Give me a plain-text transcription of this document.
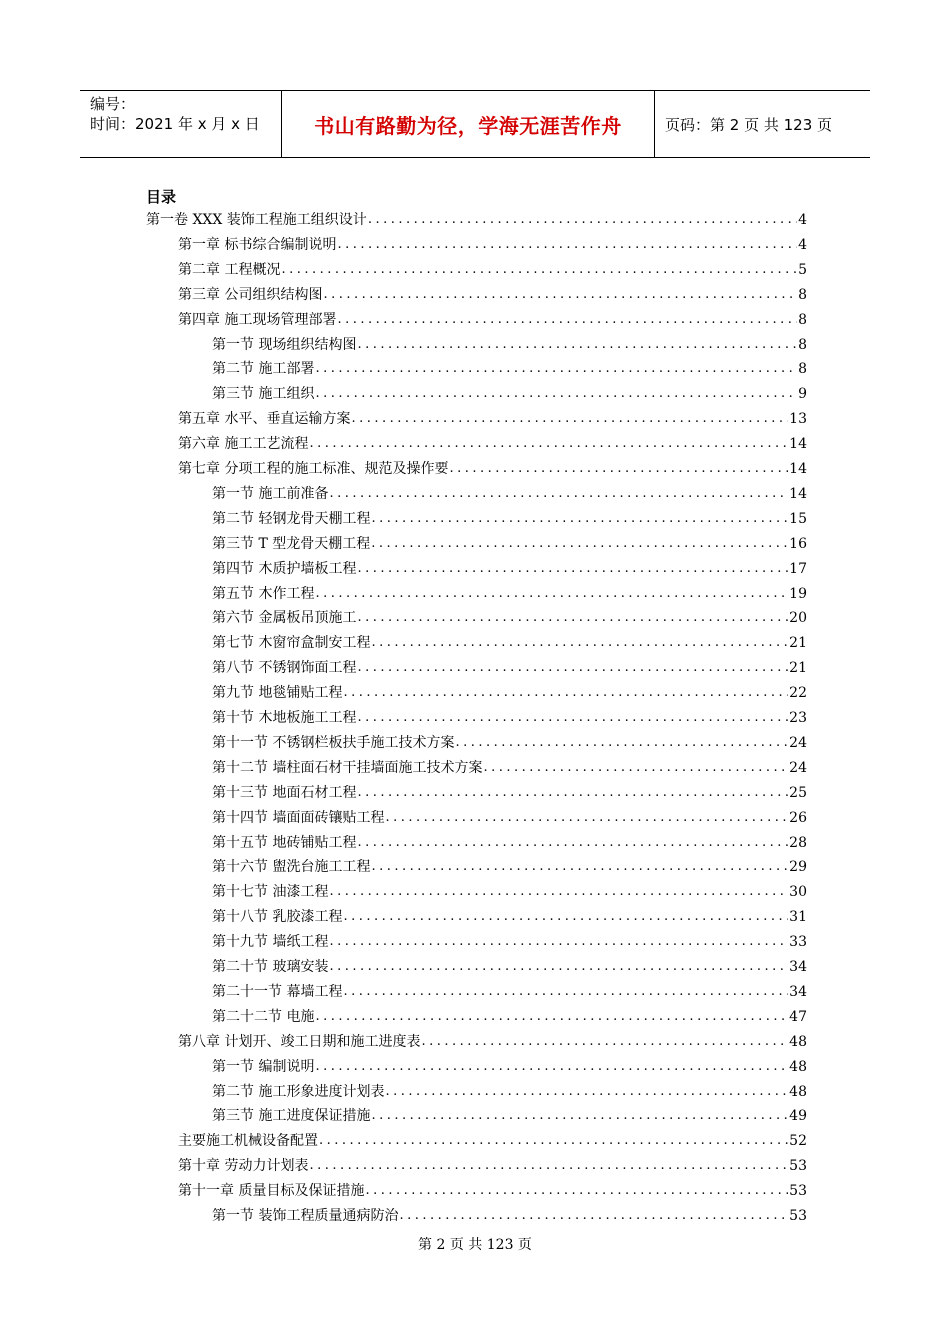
编号：
时间：2021 年 x 月 x 日	书山有路勤为径，学海无涯苦作舟	页码：第 2 页 共 123 页
目录
第一卷 XXX 装饰工程施工组织设计 .....	4
第一章 标书综合编制说明 .....	4
第二章 工程概况 .....	5
第三章 公司组织结构图 .....	8
第四章 施工现场管理部署 .....	8
第一节 现场组织结构图 .....	8
第二节 施工部署 .....	8
第三节 施工组织 .....	9
第五章 水平、垂直运输方案 .....	13
第六章 施工工艺流程 .....	14
第七章 分项工程的施工标准、规范及操作要 .....	14
第一节 施工前准备 .....	14
第二节 轻钢龙骨天棚工程 .....	15
第三节 T 型龙骨天棚工程 .....	16
第四节 木质护墙板工程 .....	17
第五节 木作工程 .....	19
第六节 金属板吊顶施工 .....	20
第七节 木窗帘盒制安工程 .....	21
第八节 不锈钢饰面工程 .....	21
第九节 地毯铺贴工程 .....	22
第十节 木地板施工工程 .....	23
第十一节 不锈钢栏板扶手施工技术方案 .....	24
第十二节 墙柱面石材干挂墙面施工技术方案 .....	24
第十三节 地面石材工程 .....	25
第十四节 墙面面砖镶贴工程 .....	26
第十五节 地砖铺贴工程 .....	28
第十六节 盥洗台施工工程 .....	29
第十七节 油漆工程 .....	30
第十八节 乳胶漆工程 .....	31
第十九节 墙纸工程 .....	33
第二十节 玻璃安装 .....	34
第二十一节 幕墙工程 .....	34
第二十二节 电施 .....	47
第八章 计划开、竣工日期和施工进度表 .....	48
第一节 编制说明 .....	48
第二节 施工形象进度计划表 .....	48
第三节 施工进度保证措施 .....	49
主要施工机械设备配置 .....	52
第十章 劳动力计划表 .....	53
第十一章 质量目标及保证措施 .....	53
第一节 装饰工程质量通病防治 .....	53
第 2 页 共 123 页
